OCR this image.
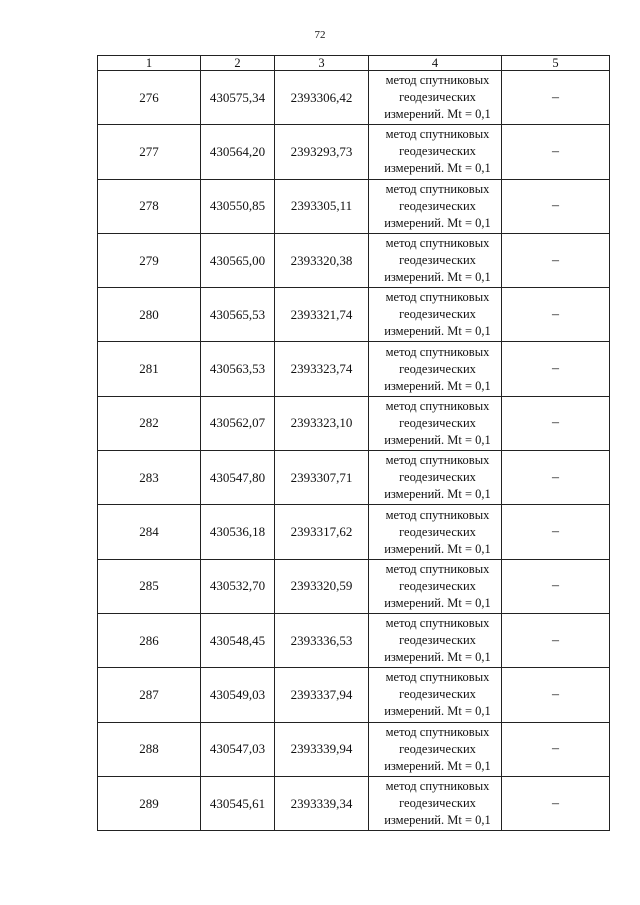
72
1	2	3	4	5
276	430575,34	2393306,42	метод спутниковых
геодезических
измерений. Mt = 0,1	–
277	430564,20	2393293,73	метод спутниковых
геодезических
измерений. Mt = 0,1	–
278	430550,85	2393305,11	метод спутниковых
геодезических
измерений. Mt = 0,1	–
279	430565,00	2393320,38	метод спутниковых
геодезических
измерений. Mt = 0,1	–
280	430565,53	2393321,74	метод спутниковых
геодезических
измерений. Mt = 0,1	–
281	430563,53	2393323,74	метод спутниковых
геодезических
измерений. Mt = 0,1	–
282	430562,07	2393323,10	метод спутниковых
геодезических
измерений. Mt = 0,1	–
283	430547,80	2393307,71	метод спутниковых
геодезических
измерений. Mt = 0,1	–
284	430536,18	2393317,62	метод спутниковых
геодезических
измерений. Mt = 0,1	–
285	430532,70	2393320,59	метод спутниковых
геодезических
измерений. Mt = 0,1	–
286	430548,45	2393336,53	метод спутниковых
геодезических
измерений. Mt = 0,1	–
287	430549,03	2393337,94	метод спутниковых
геодезических
измерений. Mt = 0,1	–
288	430547,03	2393339,94	метод спутниковых
геодезических
измерений. Mt = 0,1	–
289	430545,61	2393339,34	метод спутниковых
геодезических
измерений. Mt = 0,1	–
